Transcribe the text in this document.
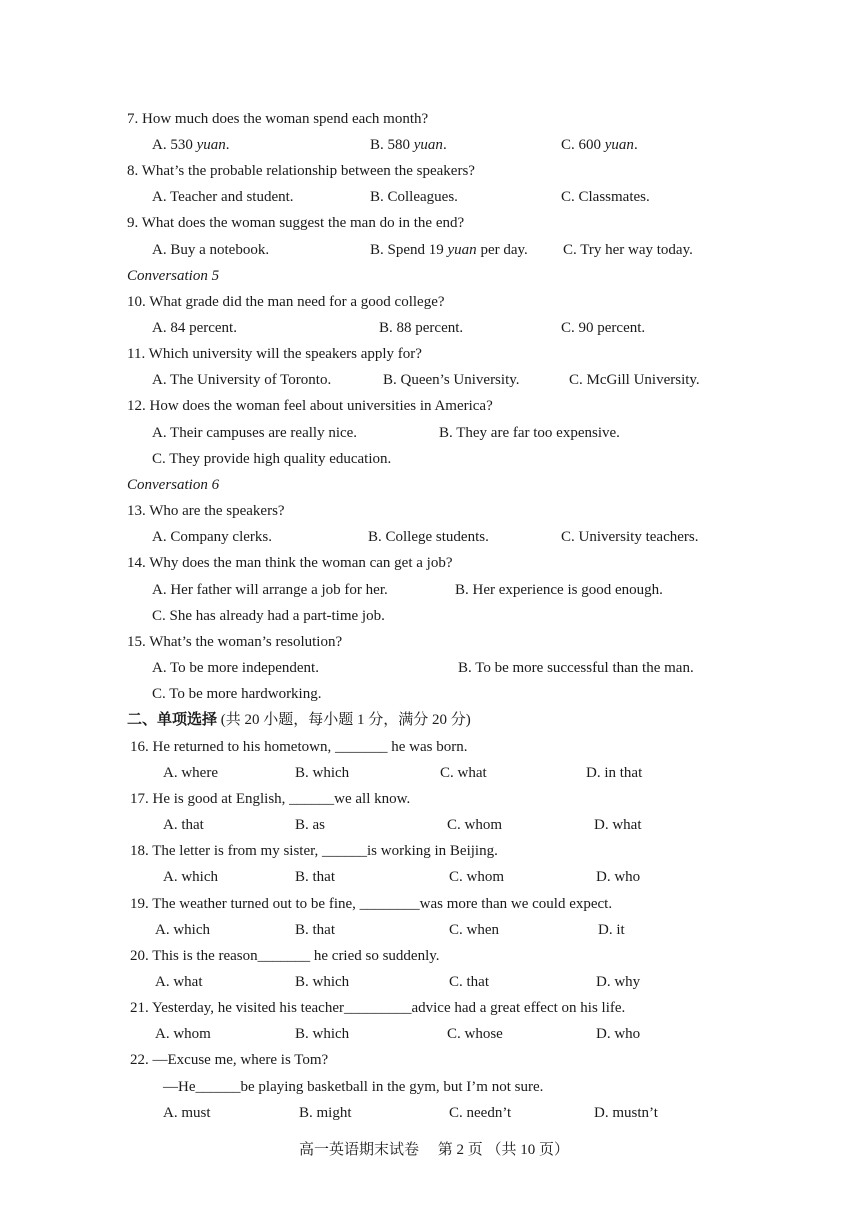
7. How much does the woman spend each month?
A. 530 yuan.	B. 580 yuan.	C. 600 yuan.
8. What’s the probable relationship between the speakers?
A. Teacher and student.	B. Colleagues.	C. Classmates.
9. What does the woman suggest the man do in the end?
A. Buy a notebook.	B. Spend 19 yuan per day. C. Try her way today.
Conversation 5
10. What grade did the man need for a good college?
A. 84 percent.	B. 88 percent.	C. 90 percent.
11. Which university will the speakers apply for?
A. The University of Toronto.	B. Queen’s University.	C. McGill University.
12. How does the woman feel about universities in America?
A. Their campuses are really nice.	B. They are far too expensive.
C. They provide high quality education.
Conversation 6
13. Who are the speakers?
A. Company clerks.	B. College students.	C. University teachers.
14. Why does the man think the woman can get a job?
A. Her father will arrange a job for her.	B. Her experience is good enough.
C. She has already had a part-time job.
15. What’s the woman’s resolution?
A. To be more independent.	B. To be more successful than the man.
C. To be more hardworking.
二、单项选择 (共 20 小题，每小题 1 分，满分 20 分)
16. He returned to his hometown, _______ he was born.
A. where	B. which	C. what	D. in that
17. He is good at English, ______we all know.
A. that	B. as	C. whom	D. what
18. The letter is from my sister, ______is working in Beijing.
A. which	B. that	C. whom	D. who
19. The weather turned out to be fine, ________was more than we could expect.
A. which	B. that	C. when	D. it
20. This is the reason_______ he cried so suddenly.
A. what	B. which	C. that	D. why
21. Yesterday, he visited his teacher_________advice had a great effect on his life.
A. whom	B. which	C. whose	D. who
22. —Excuse me, where is Tom?
—He______be playing basketball in the gym, but I’m not sure.
A. must	B. might	C. needn’t	D. mustn’t
高一英语期末试卷　 第 2 页 （共 10 页）
